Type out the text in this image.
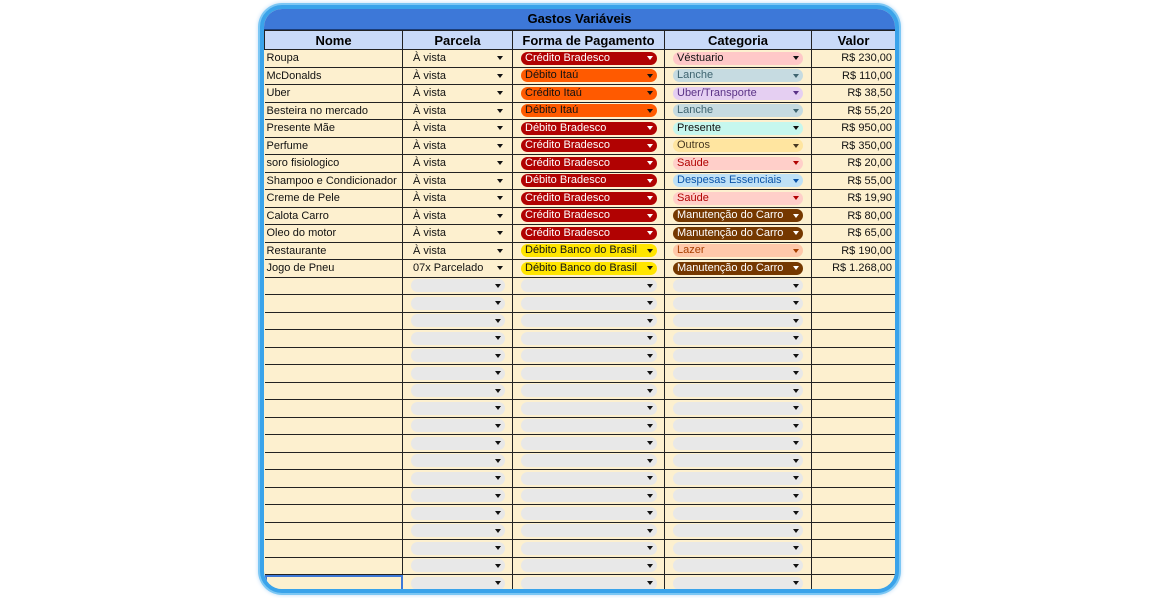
Gastos Variáveis
Nome	Parcela	Forma de Pagamento	Categoria	Valor
Roupa	À vista	Crédito Bradesco	Véstuario	R$ 230,00
McDonalds	À vista	Débito Itaú	Lanche	R$ 110,00
Uber	À vista	Crédito Itaú	Uber/Transporte	R$ 38,50
Besteira no mercado	À vista	Débito Itaú	Lanche	R$ 55,20
Presente Mãe	À vista	Débito Bradesco	Presente	R$ 950,00
Perfume	À vista	Crédito Bradesco	Outros	R$ 350,00
soro fisiologico	À vista	Crédito Bradesco	Saúde	R$ 20,00
Shampoo e Condicionador	À vista	Débito Bradesco	Despesas Essenciais	R$ 55,00
Creme de Pele	À vista	Crédito Bradesco	Saúde	R$ 19,90
Calota Carro	À vista	Crédito Bradesco	Manutenção do Carro	R$ 80,00
Oleo do motor	À vista	Crédito Bradesco	Manutenção do Carro	R$ 65,00
Restaurante	À vista	Débito Banco do Brasil	Lazer	R$ 190,00
Jogo de Pneu	07x Parcelado	Débito Banco do Brasil	Manutenção do Carro	R$ 1.268,00
